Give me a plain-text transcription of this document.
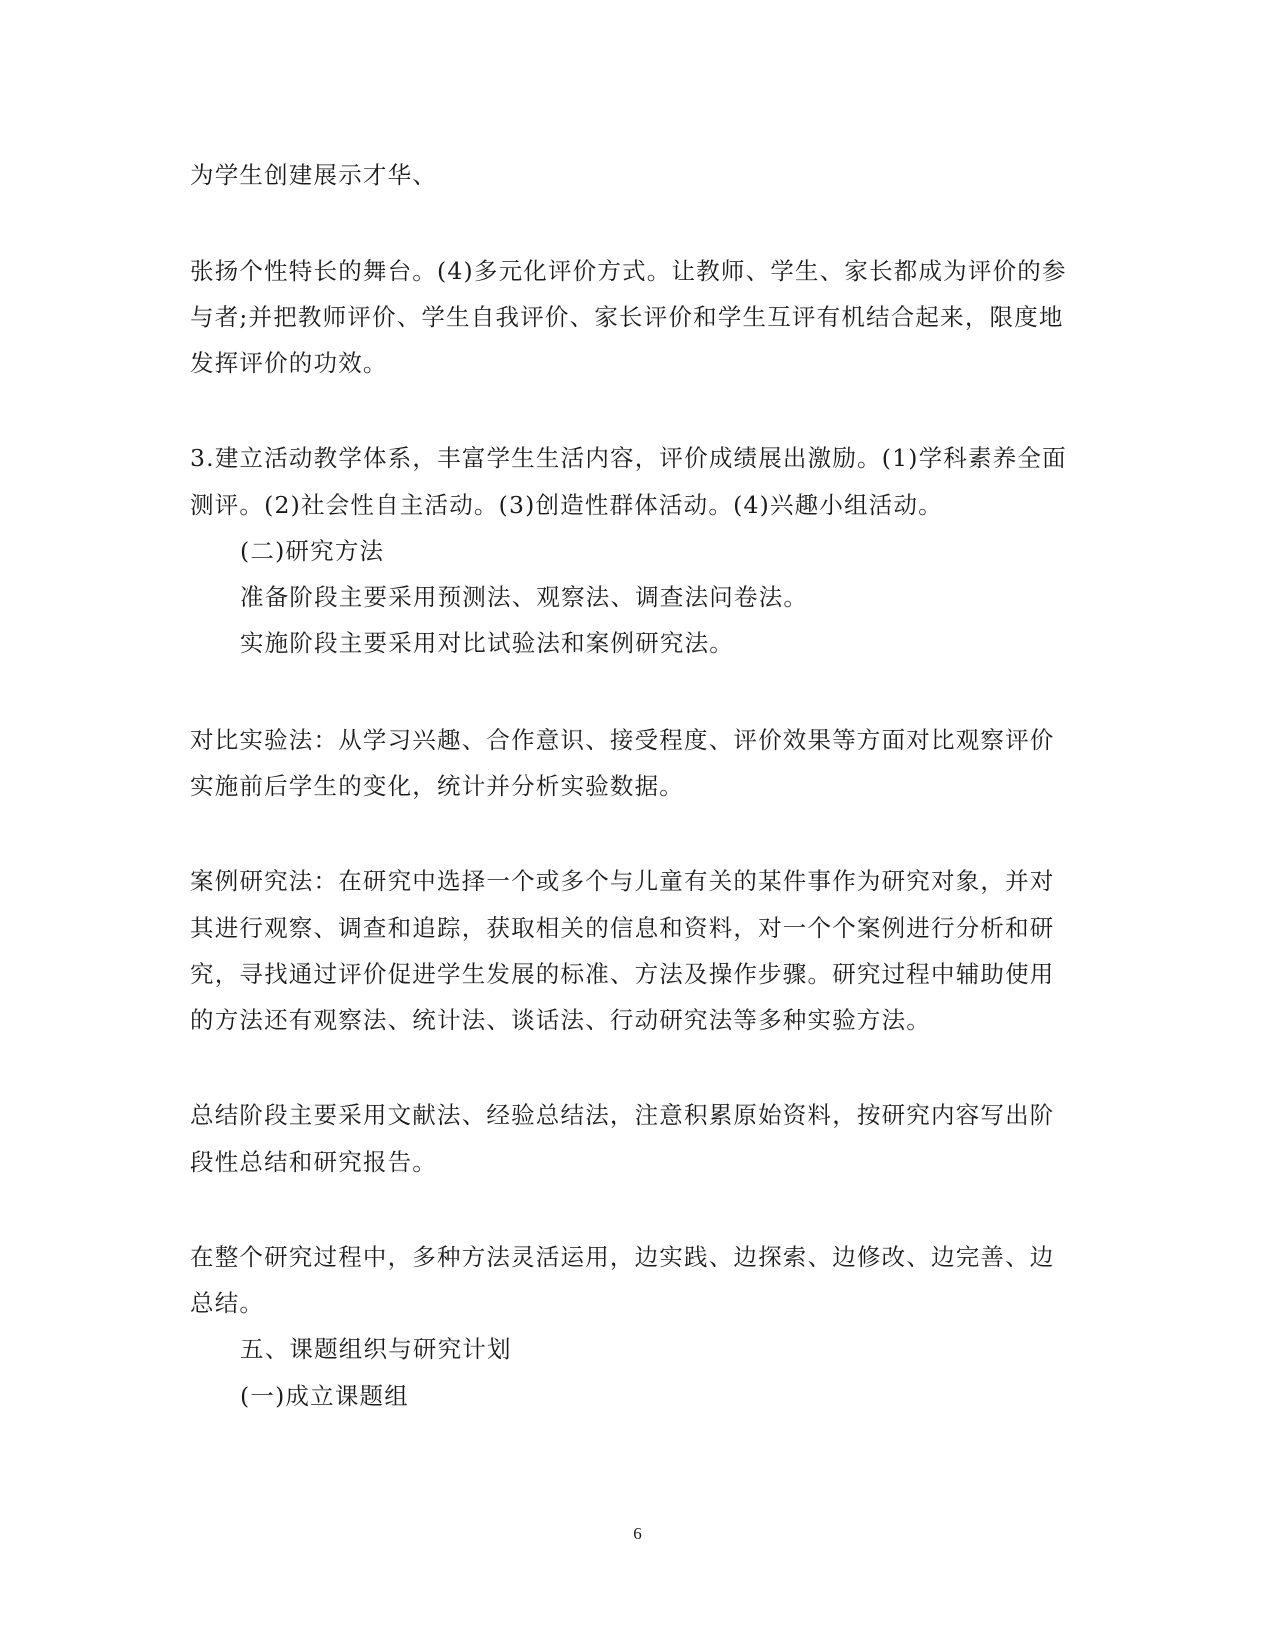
为学生创建展示才华、
张扬个性特长的舞台。(4)多元化评价方式。让教师、学生、家长都成为评价的参
与者;并把教师评价、学生自我评价、家长评价和学生互评有机结合起来，限度地
发挥评价的功效。
3.建立活动教学体系，丰富学生生活内容，评价成绩展出激励。(1)学科素养全面
测评。(2)社会性自主活动。(3)创造性群体活动。(4)兴趣小组活动。
(二)研究方法
准备阶段主要采用预测法、观察法、调查法问卷法。
实施阶段主要采用对比试验法和案例研究法。
对比实验法：从学习兴趣、合作意识、接受程度、评价效果等方面对比观察评价
实施前后学生的变化，统计并分析实验数据。
案例研究法：在研究中选择一个或多个与儿童有关的某件事作为研究对象，并对
其进行观察、调查和追踪，获取相关的信息和资料，对一个个案例进行分析和研
究，寻找通过评价促进学生发展的标准、方法及操作步骤。研究过程中辅助使用
的方法还有观察法、统计法、谈话法、行动研究法等多种实验方法。
总结阶段主要采用文献法、经验总结法，注意积累原始资料，按研究内容写出阶
段性总结和研究报告。
在整个研究过程中，多种方法灵活运用，边实践、边探索、边修改、边完善、边
总结。
五、课题组织与研究计划
(一)成立课题组
6
